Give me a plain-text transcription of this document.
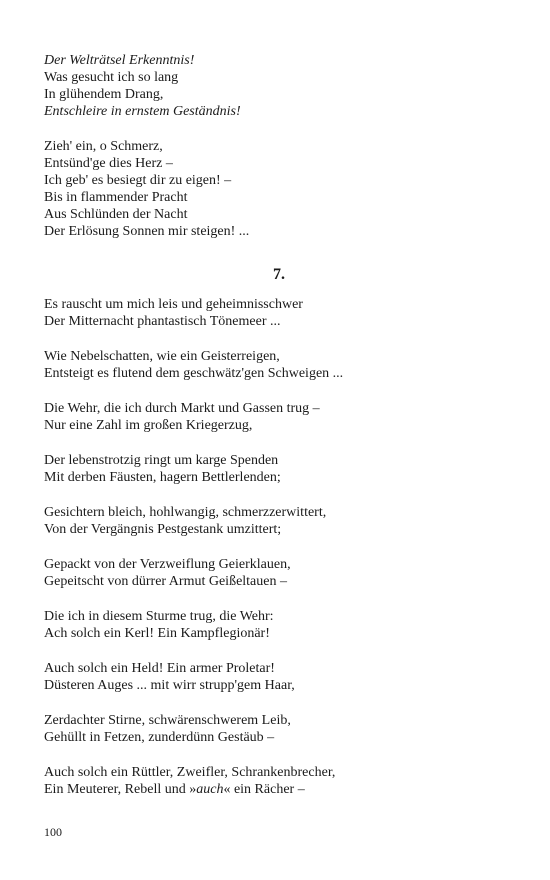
Der Welträtsel Erkenntnis!
Was gesucht ich so lang
In glühendem Drang,
Entschleire in ernstem Geständnis!
Zieh' ein, o Schmerz,
Entsünd'ge dies Herz –
Ich geb' es besiegt dir zu eigen! –
Bis in flammender Pracht
Aus Schlünden der Nacht
Der Erlösung Sonnen mir steigen! ...
7.
Es rauscht um mich leis und geheimnisschwer
Der Mitternacht phantastisch Tönemeer ...
Wie Nebelschatten, wie ein Geisterreigen,
Entsteigt es flutend dem geschwätz'gen Schweigen ...
Die Wehr, die ich durch Markt und Gassen trug –
Nur eine Zahl im großen Kriegerzug,
Der lebenstrotzig ringt um karge Spenden
Mit derben Fäusten, hagern Bettlerlenden;
Gesichtern bleich, hohlwangig, schmerzzerwittert,
Von der Vergängnis Pestgestank umzittert;
Gepackt von der Verzweiflung Geierklauen,
Gepeitscht von dürrer Armut Geißeltauen –
Die ich in diesem Sturme trug, die Wehr:
Ach solch ein Kerl! Ein Kampflegionär!
Auch solch ein Held! Ein armer Proletar!
Düsteren Auges ... mit wirr strupp'gem Haar,
Zerdachter Stirne, schwärenschwerem Leib,
Gehüllt in Fetzen, zunderdünn Gestäub –
Auch solch ein Rüttler, Zweifler, Schrankenbrecher,
Ein Meuterer, Rebell und »auch« ein Rächer –
100
